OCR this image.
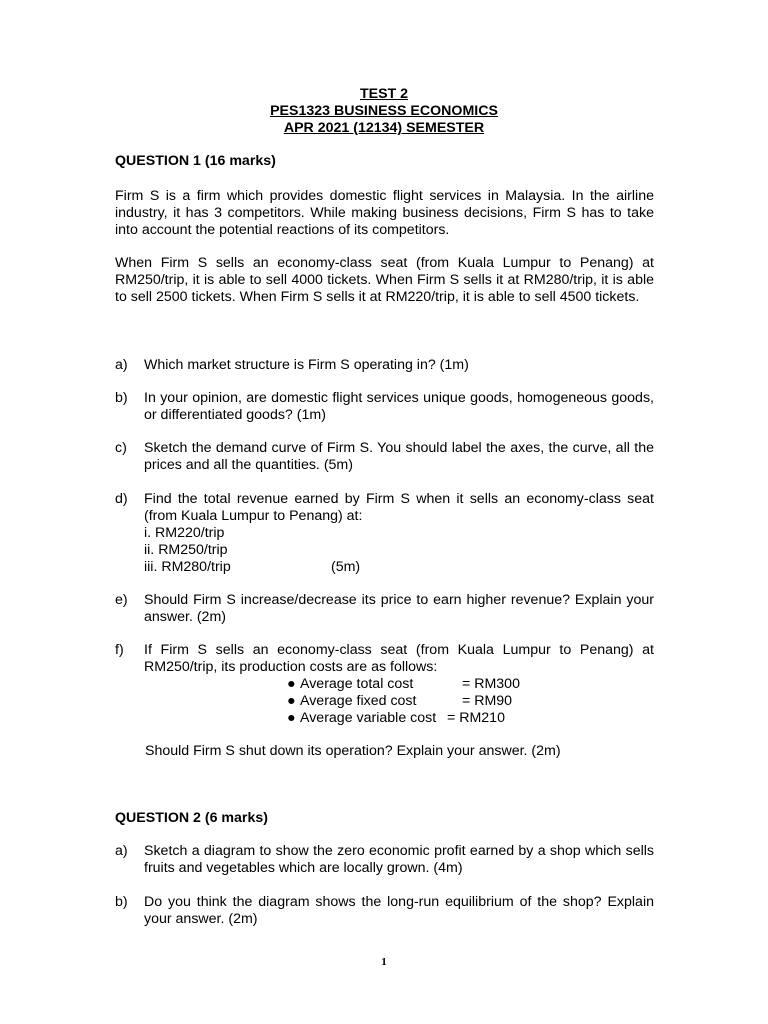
TEST 2
PES1323 BUSINESS ECONOMICS
APR 2021 (12134) SEMESTER
QUESTION 1 (16 marks)
Firm S is a firm which provides domestic flight services in Malaysia. In the airline industry, it has 3 competitors. While making business decisions, Firm S has to take into account the potential reactions of its competitors.
When Firm S sells an economy-class seat (from Kuala Lumpur to Penang) at RM250/trip, it is able to sell 4000 tickets. When Firm S sells it at RM280/trip, it is able to sell 2500 tickets. When Firm S sells it at RM220/trip, it is able to sell 4500 tickets.
a) Which market structure is Firm S operating in? (1m)
b) In your opinion, are domestic flight services unique goods, homogeneous goods, or differentiated goods? (1m)
c) Sketch the demand curve of Firm S. You should label the axes, the curve, all the prices and all the quantities. (5m)
d) Find the total revenue earned by Firm S when it sells an economy-class seat (from Kuala Lumpur to Penang) at:
i. RM220/trip
ii. RM250/trip
iii. RM280/trip	(5m)
e) Should Firm S increase/decrease its price to earn higher revenue? Explain your answer. (2m)
f) If Firm S sells an economy-class seat (from Kuala Lumpur to Penang) at RM250/trip, its production costs are as follows:
● Average total cost	= RM300
● Average fixed cost	= RM90
● Average variable cost = RM210
Should Firm S shut down its operation? Explain your answer. (2m)
QUESTION 2 (6 marks)
a) Sketch a diagram to show the zero economic profit earned by a shop which sells fruits and vegetables which are locally grown. (4m)
b) Do you think the diagram shows the long-run equilibrium of the shop? Explain your answer. (2m)
1
